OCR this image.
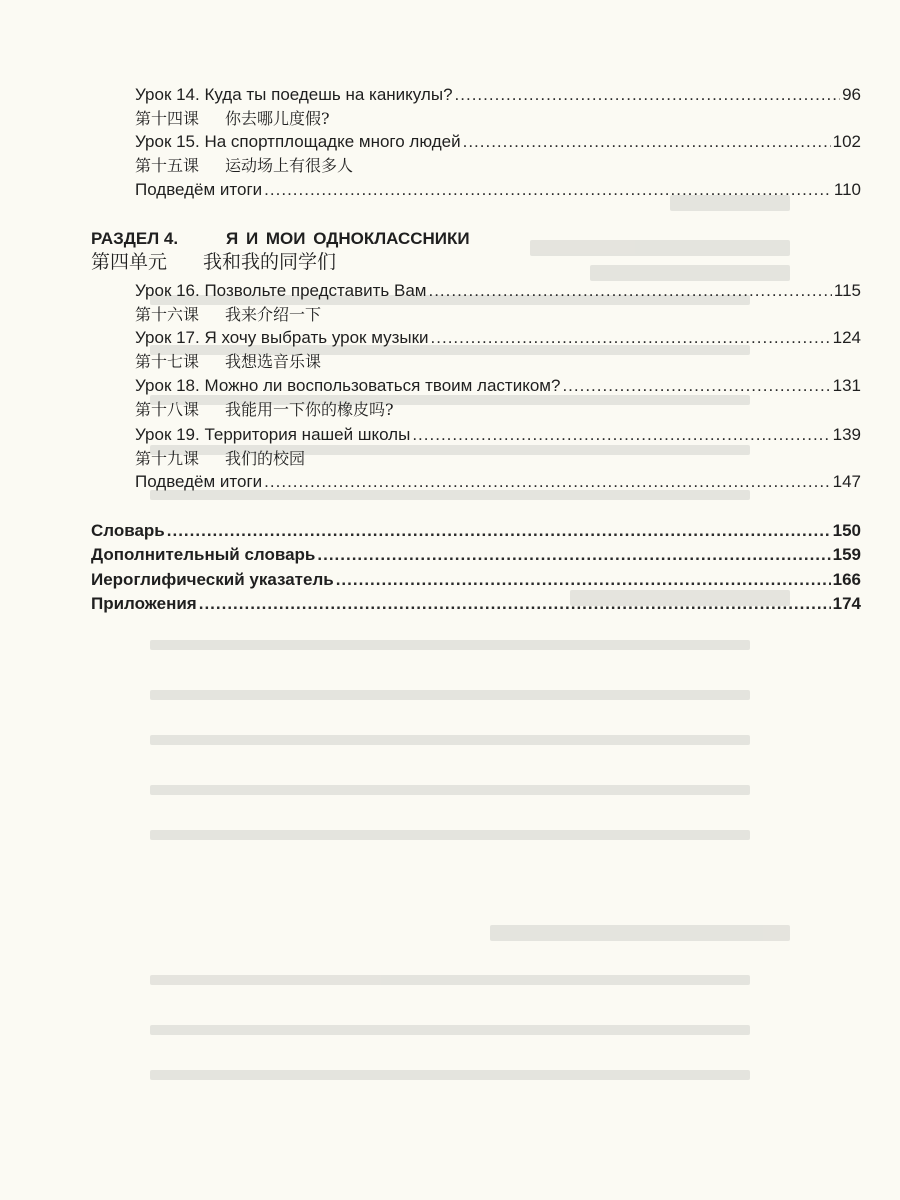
Урок 14. Куда ты поедешь на каникулы? .....	96
第十四课 你去哪儿度假?
Урок 15. На спортплощадке много людей .....	102
第十五课 运动场上有很多人
Подведём итоги .....	110
РАЗДЕЛ 4.	Я И МОИ ОДНОКЛАССНИКИ
第四单元 我和我的同学们
Урок 16. Позвольте представить Вам .....	115
第十六课 我来介绍一下
Урок 17. Я хочу выбрать урок музыки .....	124
第十七课 我想选音乐课
Урок 18. Можно ли воспользоваться твоим ластиком? .....	131
第十八课 我能用一下你的橡皮吗?
Урок 19. Территория нашей школы .....	139
第十九课 我们的校园
Подведём итоги .....	147
Словарь .....	150
Дополнительный словарь .....	159
Иероглифический указатель .....	166
Приложения .....	174
